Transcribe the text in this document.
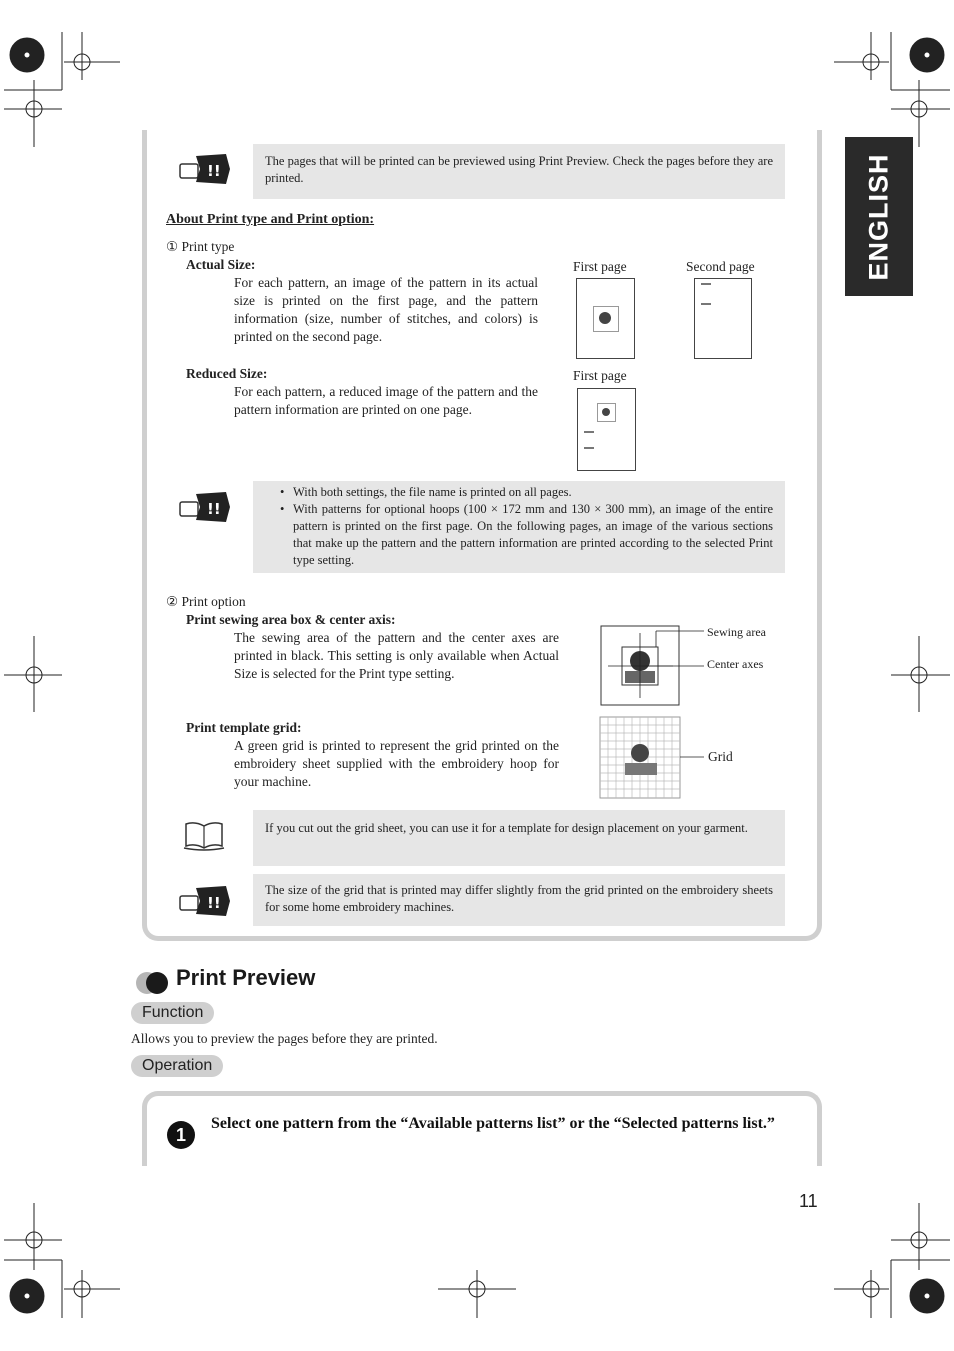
ENGLISH
!!
The pages that will be printed can be previewed using Print Preview. Check the pages before they are printed.
About Print type and Print option:
① Print type
Actual Size:
For each pattern, an image of the pattern in its actual size is printed on the first page, and the pattern information (size, number of stitches, and colors) is printed on the second page.
Reduced Size:
For each pattern, a reduced image of the pattern and the pattern information are printed on one page.
First page	Second page
First page
!!
• With both settings, the file name is printed on all pages.
• With patterns for optional hoops (100 × 172 mm and 130 × 300 mm), an image of the entire pattern is printed on the first page. On the following pages, an image of the various sections that make up the pattern and the pattern information are printed according to the selected Print type setting.
② Print option
Print sewing area box & center axis:
The sewing area of the pattern and the center axes are printed in black. This setting is only available when Actual Size is selected for the Print type setting.
Print template grid:
A green grid is printed to represent the grid printed on the embroidery sheet supplied with the embroidery hoop for your machine.
Sewing area
Center axes
Grid
If you cut out the grid sheet, you can use it for a template for design placement on your garment.
!!
The size of the grid that is printed may differ slightly from the grid printed on the embroidery sheets for some home embroidery machines.
Print Preview
Function
Allows you to preview the pages before they are printed.
Operation
1
Select one pattern from the “Available patterns list” or the “Selected patterns list.”
11
